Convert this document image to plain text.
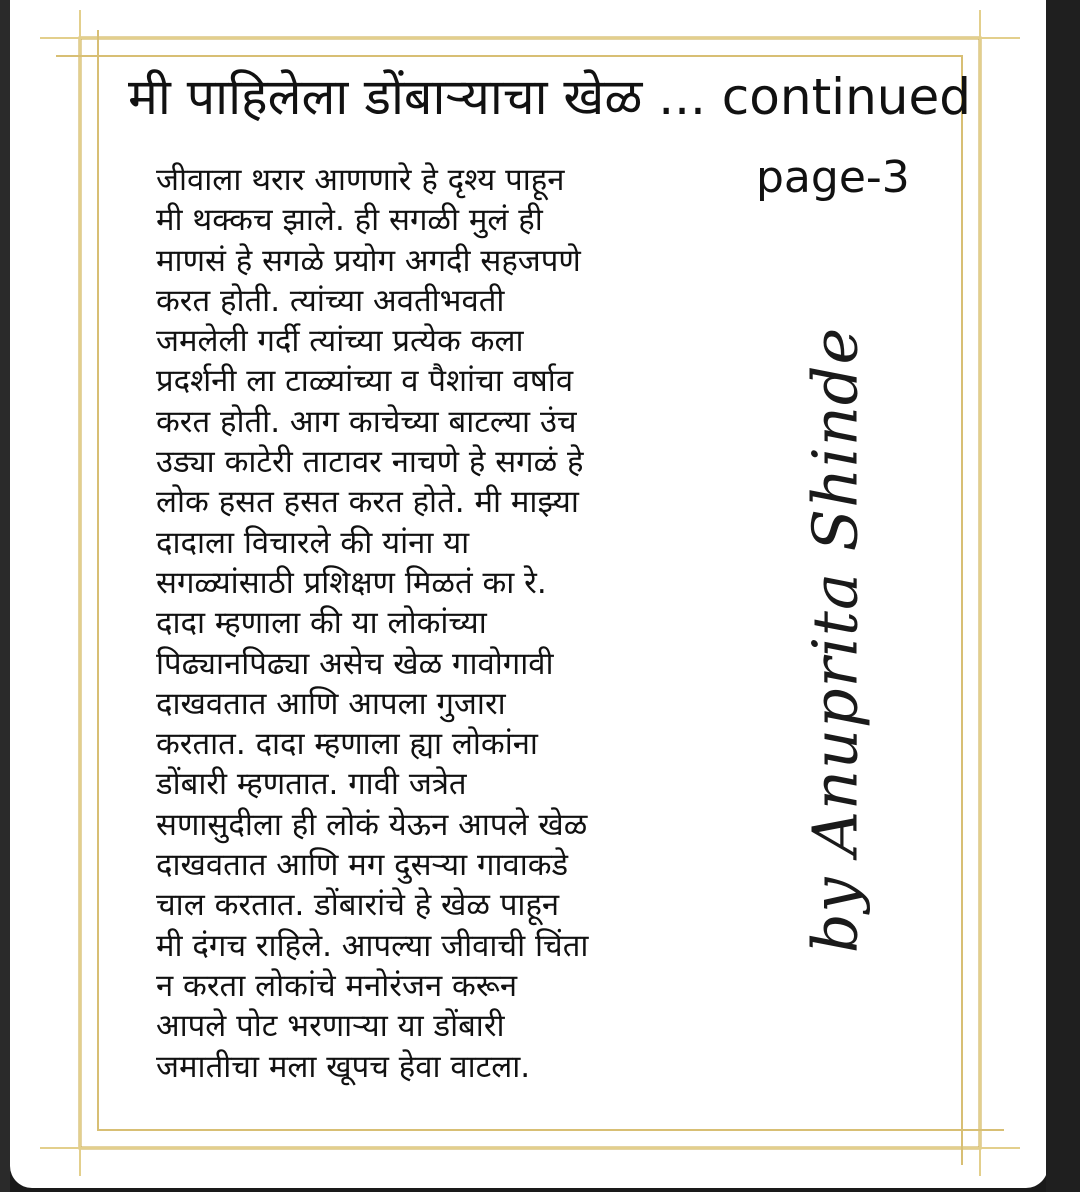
मी पाहिलेला डोंबाऱ्याचा खेळ ... continued
page-3
जीवाला थरार आणणारे हे दृश्य पाहून
मी थक्कच झाले. ही सगळी मुलं ही
माणसं हे सगळे प्रयोग अगदी सहजपणे
करत होती. त्यांच्या अवतीभवती
जमलेली गर्दी त्यांच्या प्रत्येक कला
प्रदर्शनी ला टाळ्यांच्या व पैशांचा वर्षाव
करत होती. आग काचेच्या बाटल्या उंच
उड्या काटेरी ताटावर नाचणे हे सगळं हे
लोक हसत हसत करत होते. मी माझ्या
दादाला विचारले की यांना या
सगळ्यांसाठी प्रशिक्षण मिळतं का रे.
दादा म्हणाला की या लोकांच्या
पिढ्यानपिढ्या असेच खेळ गावोगावी
दाखवतात आणि आपला गुजारा
करतात. दादा म्हणाला ह्या लोकांना
डोंबारी म्हणतात. गावी जत्रेत
सणासुदीला ही लोकं येऊन आपले खेळ
दाखवतात आणि मग दुसऱ्या गावाकडे
चाल करतात. डोंबारांचे हे खेळ पाहून
मी दंगच राहिले. आपल्या जीवाची चिंता
न करता लोकांचे मनोरंजन करून
आपले पोट भरणाऱ्या या डोंबारी
जमातीचा मला खूपच हेवा वाटला.
by Anuprita Shinde
